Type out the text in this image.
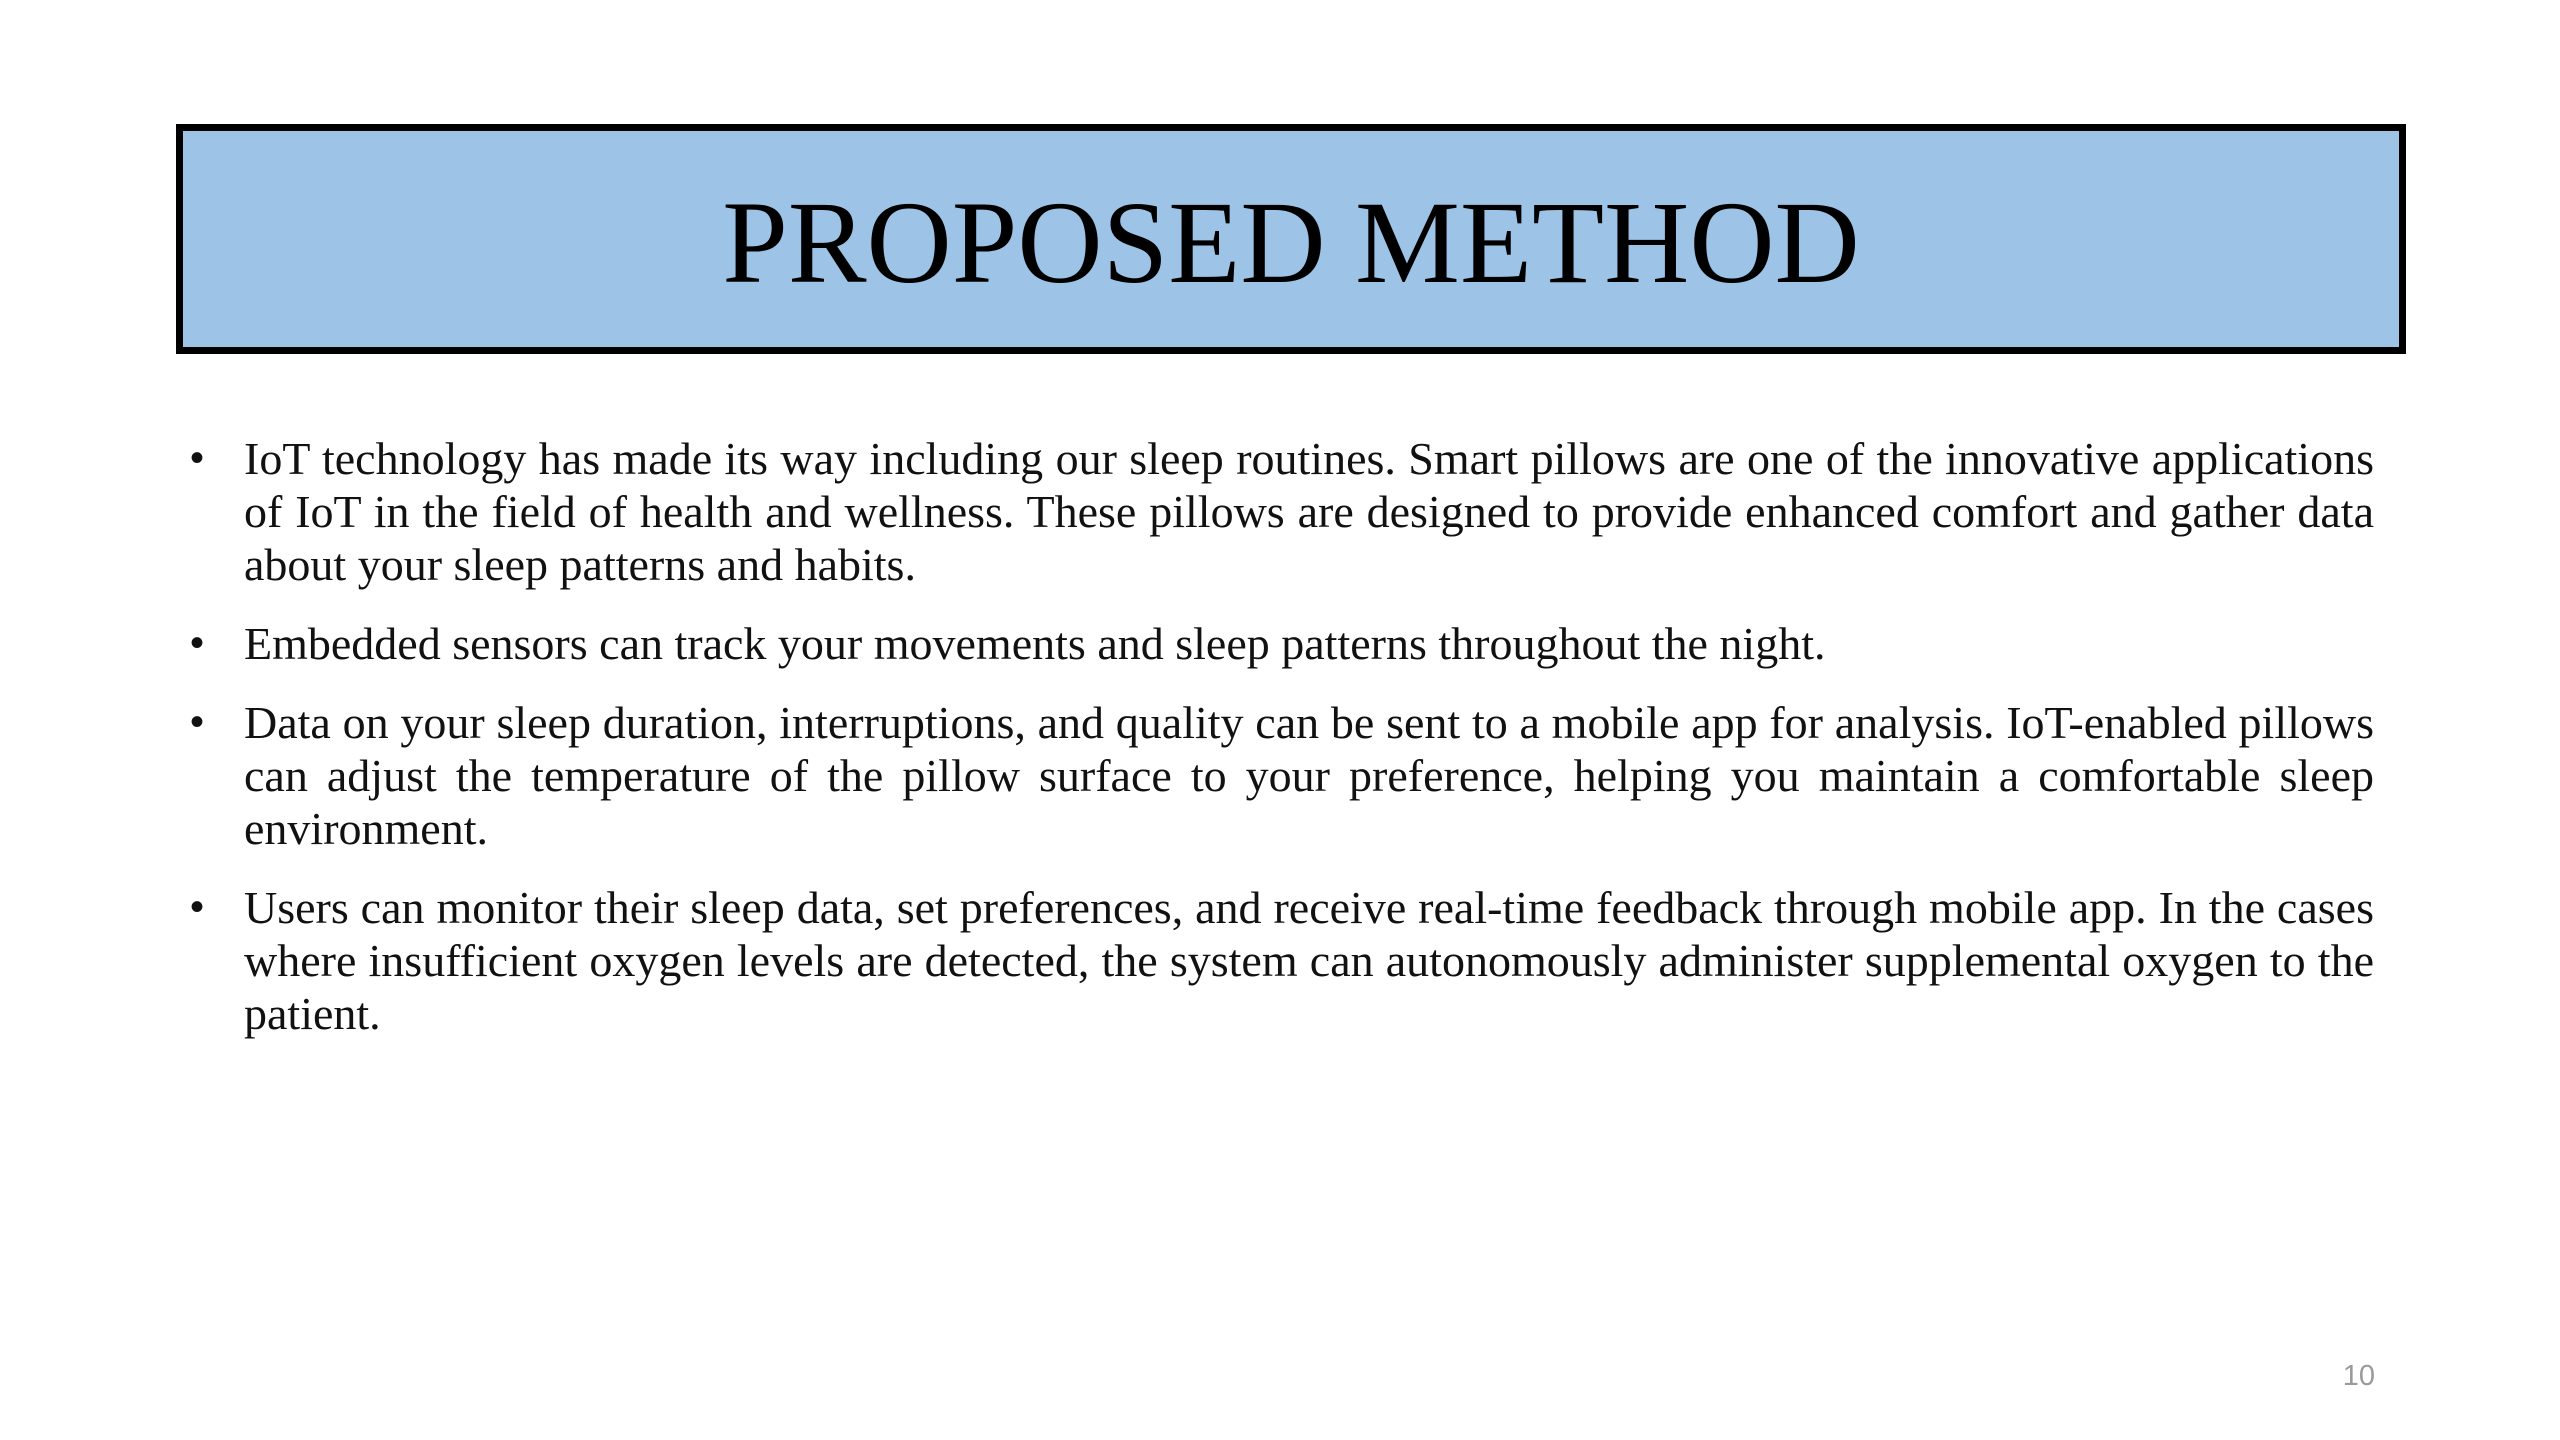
PROPOSED METHOD
• IoT technology has made its way including our sleep routines. Smart pillows are one of the innovative applications of IoT in the field of health and wellness. These pillows are designed to provide enhanced comfort and gather data about your sleep patterns and habits.
• Embedded sensors can track your movements and sleep patterns throughout the night.
• Data on your sleep duration, interruptions, and quality can be sent to a mobile app for analysis. IoT-enabled pillows can adjust the temperature of the pillow surface to your preference, helping you maintain a comfortable sleep environment.
• Users can monitor their sleep data, set preferences, and receive real-time feedback through mobile app. In the cases where insufficient oxygen levels are detected, the system can autonomously administer supplemental oxygen to the patient.
10
